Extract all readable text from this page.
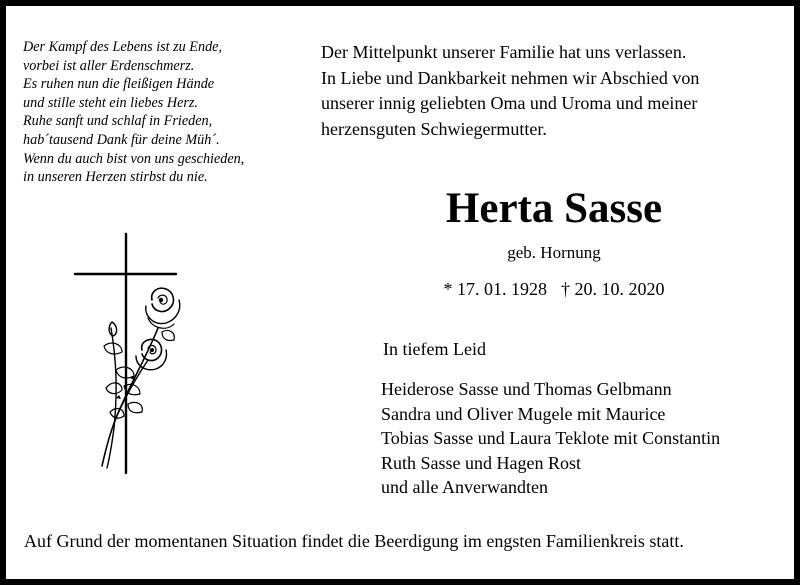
Der Kampf des Lebens ist zu Ende,
vorbei ist aller Erdenschmerz.
Es ruhen nun die fleißigen Hände
und stille steht ein liebes Herz.
Ruhe sanft und schlaf in Frieden,
hab´tausend Dank für deine Müh´.
Wenn du auch bist von uns geschieden,
in unseren Herzen stirbst du nie.
Der Mittelpunkt unserer Familie hat uns verlassen.
In Liebe und Dankbarkeit nehmen wir Abschied von
unserer innig geliebten Oma und Uroma und meiner
herzensguten Schwiegermutter.
Herta Sasse
geb. Hornung
* 17. 01. 1928 † 20. 10. 2020
In tiefem Leid
Heiderose Sasse und Thomas Gelbmann
Sandra und Oliver Mugele mit Maurice
Tobias Sasse und Laura Teklote mit Constantin
Ruth Sasse und Hagen Rost
und alle Anverwandten
Auf Grund der momentanen Situation findet die Beerdigung im engsten Familienkreis statt.
